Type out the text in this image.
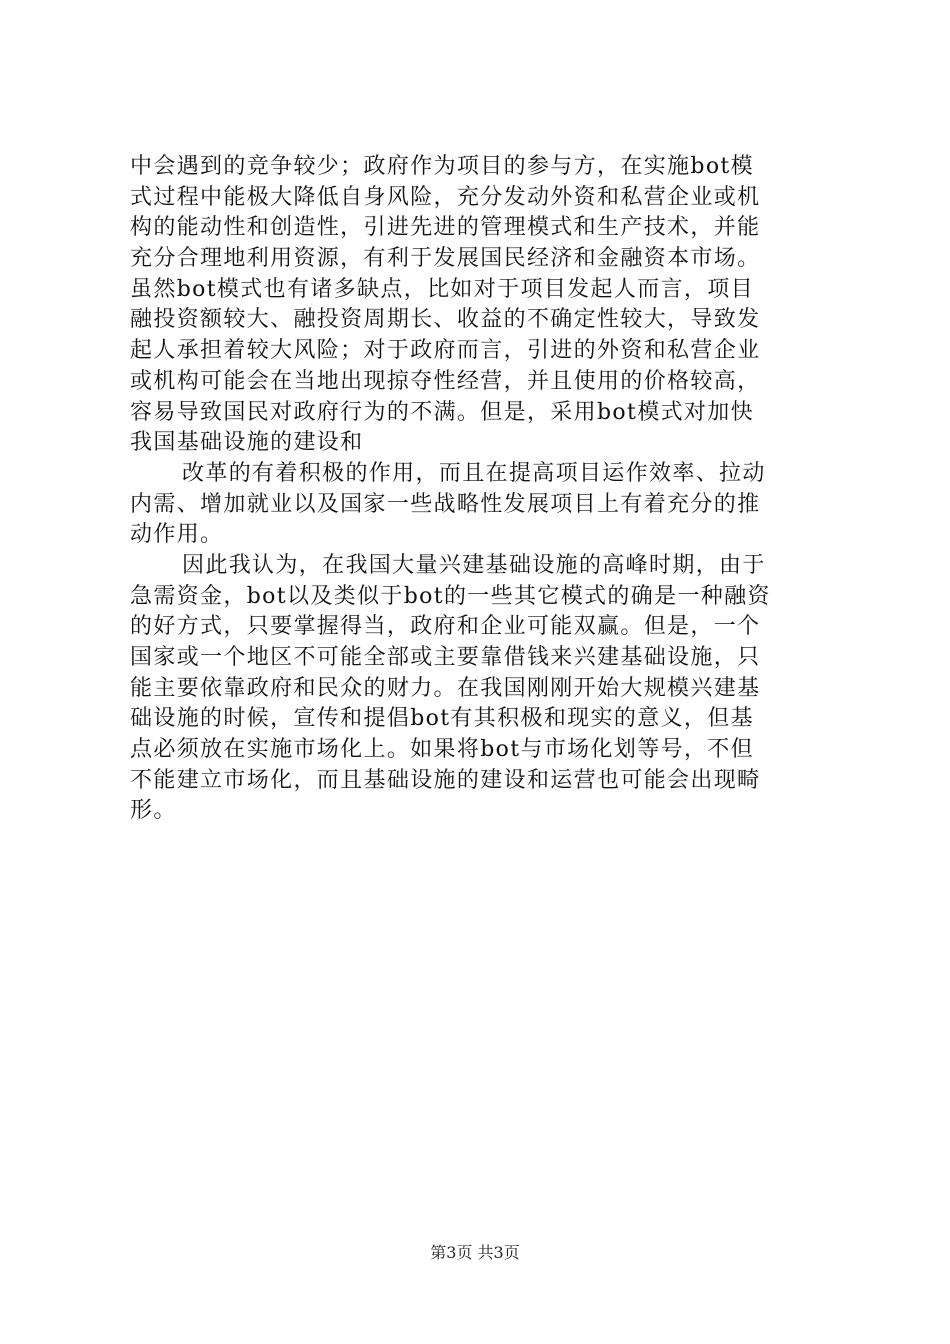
中会遇到的竞争较少；政府作为项目的参与方，在实施bot模
式过程中能极大降低自身风险，充分发动外资和私营企业或机
构的能动性和创造性，引进先进的管理模式和生产技术，并能
充分合理地利用资源，有利于发展国民经济和金融资本市场。
虽然bot模式也有诸多缺点，比如对于项目发起人而言，项目
融投资额较大、融投资周期长、收益的不确定性较大，导致发
起人承担着较大风险；对于政府而言，引进的外资和私营企业
或机构可能会在当地出现掠夺性经营，并且使用的价格较高，
容易导致国民对政府行为的不满。但是，采用bot模式对加快
我国基础设施的建设和
改革的有着积极的作用，而且在提高项目运作效率、拉动
内需、增加就业以及国家一些战略性发展项目上有着充分的推
动作用。
因此我认为，在我国大量兴建基础设施的高峰时期，由于
急需资金，bot以及类似于bot的一些其它模式的确是一种融资
的好方式，只要掌握得当，政府和企业可能双赢。但是，一个
国家或一个地区不可能全部或主要靠借钱来兴建基础设施，只
能主要依靠政府和民众的财力。在我国刚刚开始大规模兴建基
础设施的时候，宣传和提倡bot有其积极和现实的意义，但基
点必须放在实施市场化上。如果将bot与市场化划等号，不但
不能建立市场化，而且基础设施的建设和运营也可能会出现畸
形。
第3页 共3页
